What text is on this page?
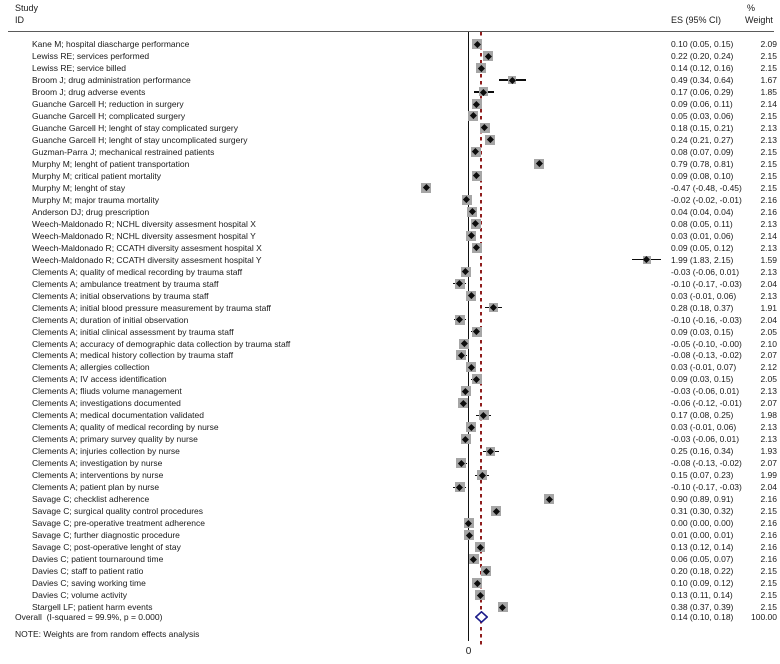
Study
ID	ES (95% CI)
%
Weight
Kane M; hospital diascharge performance	0.10 (0.05, 0.15)	2.09
Lewiss RE; services performed	0.22 (0.20, 0.24)	2.15
Lewiss RE; service billed	0.14 (0.12, 0.16)	2.15
Broom J; drug administration performance	0.49 (0.34, 0.64)	1.67
Broom J; drug adverse events	0.17 (0.06, 0.29)	1.85
Guanche Garcell H; reduction in surgery	0.09 (0.06, 0.11)	2.14
Guanche Garcell H; complicated surgery	0.05 (0.03, 0.06)	2.15
Guanche Garcell H; lenght of stay complicated surgery	0.18 (0.15, 0.21)	2.13
Guanche Garcell H; lenght of stay uncomplicated surgery	0.24 (0.21, 0.27)	2.13
Guzman-Parra J; mechanical restrained patients	0.08 (0.07, 0.09)	2.15
Murphy M; lenght of patient transportation	0.79 (0.78, 0.81)	2.15
Murphy M; critical patient mortality	0.09 (0.08, 0.10)	2.15
Murphy M; lenght of stay	-0.47 (-0.48, -0.45)	2.15
Murphy M; major trauma mortality	-0.02 (-0.02, -0.01)	2.16
Anderson DJ; drug prescription	0.04 (0.04, 0.04)	2.16
Weech-Maldonado R; NCHL diversity assesment hospital X	0.08 (0.05, 0.11)	2.13
Weech-Maldonado R; NCHL diversity assesment hospital Y	0.03 (0.01, 0.06)	2.14
Weech-Maldonado R; CCATH diversity assesment hospital X	0.09 (0.05, 0.12)	2.13
Weech-Maldonado R; CCATH diversity assesment hospital Y	1.99 (1.83, 2.15)	1.59
Clements A; quality of medical recording by trauma staff	-0.03 (-0.06, 0.01)	2.13
Clements A; ambulance treatment by trauma staff	-0.10 (-0.17, -0.03)	2.04
Clements A; initial observations by trauma staff	0.03 (-0.01, 0.06)	2.13
Clements A; initial blood pressure measurement by trauma staff	0.28 (0.18, 0.37)	1.91
Clements A; duration of initial observation	-0.10 (-0.16, -0.03)	2.04
Clements A; initial clinical assessment by trauma staff	0.09 (0.03, 0.15)	2.05
Clements A; accuracy of demographic data collection by trauma staff	-0.05 (-0.10, -0.00)	2.10
Clements A; medical history collection by trauma staff	-0.08 (-0.13, -0.02)	2.07
Clements A; allergies collection	0.03 (-0.01, 0.07)	2.12
Clements A; IV access identification	0.09 (0.03, 0.15)	2.05
Clements A; fliuds volume management	-0.03 (-0.06, 0.01)	2.13
Clements A; investigations documented	-0.06 (-0.12, -0.01)	2.07
Clements A; medical documentation validated	0.17 (0.08, 0.25)	1.98
Clements A; quality of medical recording by nurse	0.03 (-0.01, 0.06)	2.13
Clements A; primary survey quality by nurse	-0.03 (-0.06, 0.01)	2.13
Clements A; injuries collection by nurse	0.25 (0.16, 0.34)	1.93
Clements A; investigation by nurse	-0.08 (-0.13, -0.02)	2.07
Clements A; interventions by nurse	0.15 (0.07, 0.23)	1.99
Clements A; patient plan by nurse	-0.10 (-0.17, -0.03)	2.04
Savage C; checklist adherence	0.90 (0.89, 0.91)	2.16
Savage C; surgical quality control procedures	0.31 (0.30, 0.32)	2.15
Savage C; pre-operative treatment adherence	0.00 (0.00, 0.00)	2.16
Savage C; further diagnostic procedure	0.01 (0.00, 0.01)	2.16
Savage C; post-operative lenght of stay	0.13 (0.12, 0.14)	2.16
Davies C; patient tournaround time	0.06 (0.05, 0.07)	2.16
Davies C; staff to patient ratio	0.20 (0.18, 0.22)	2.15
Davies C; saving working time	0.10 (0.09, 0.12)	2.15
Davies C; volume activity	0.13 (0.11, 0.14)	2.15
Stargell LF; patient harm events	0.38 (0.37, 0.39)	2.15
Overall  (I-squared = 99.9%, p = 0.000)	0.14 (0.10, 0.18)	100.00
NOTE: Weights are from random effects analysis
0
